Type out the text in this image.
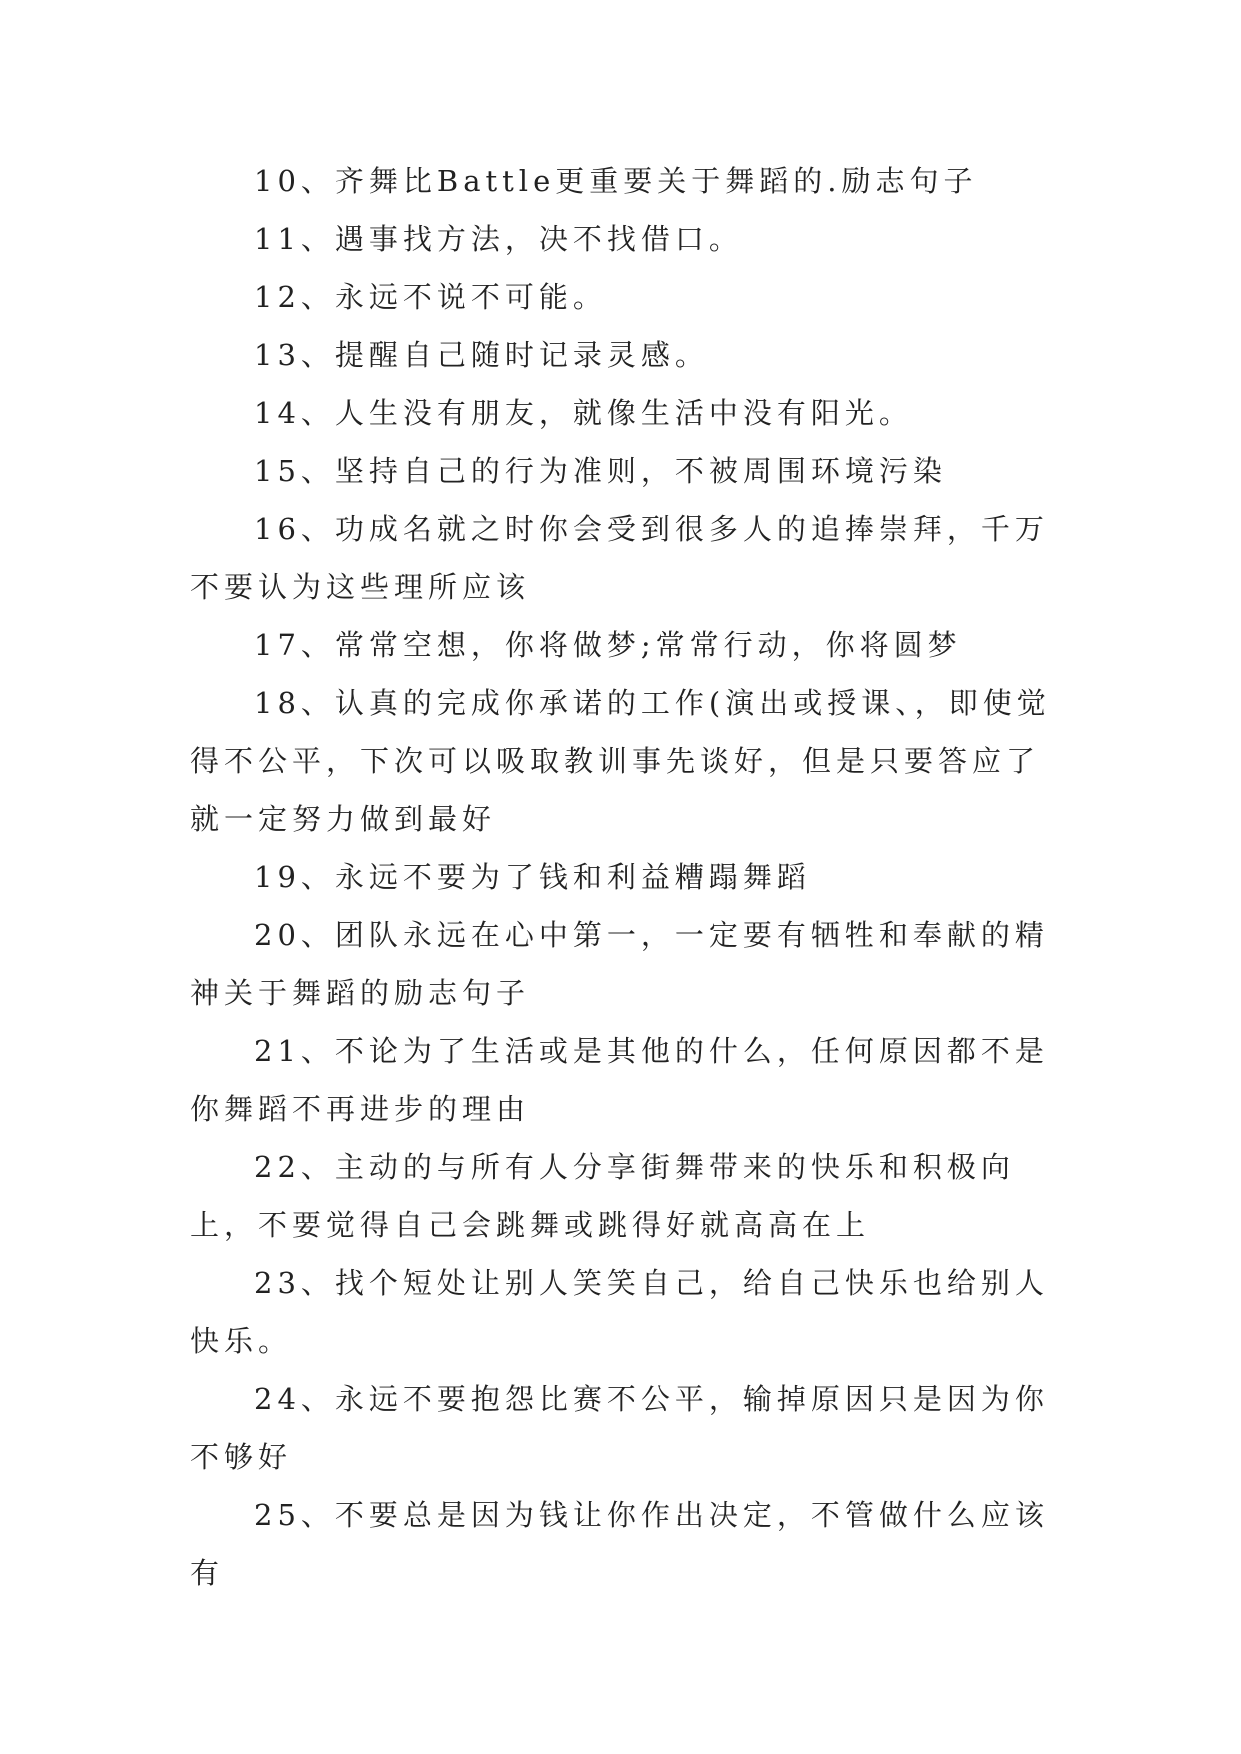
10、齐舞比Battle更重要关于舞蹈的.励志句子

11、遇事找方法，决不找借口。

12、永远不说不可能。

13、提醒自己随时记录灵感。

14、人生没有朋友，就像生活中没有阳光。

15、坚持自己的行为准则，不被周围环境污染

16、功成名就之时你会受到很多人的追捧崇拜，千万不要认为这些理所应该

17、常常空想，你将做梦;常常行动，你将圆梦

18、认真的完成你承诺的工作(演出或授课、，即使觉得不公平，下次可以吸取教训事先谈好，但是只要答应了就一定努力做到最好

19、永远不要为了钱和利益糟蹋舞蹈

20、团队永远在心中第一，一定要有牺牲和奉献的精神关于舞蹈的励志句子

21、不论为了生活或是其他的什么，任何原因都不是你舞蹈不再进步的理由

22、主动的与所有人分享街舞带来的快乐和积极向上，不要觉得自己会跳舞或跳得好就高高在上

23、找个短处让别人笑笑自己，给自己快乐也给别人快乐。

24、永远不要抱怨比赛不公平，输掉原因只是因为你不够好

25、不要总是因为钱让你作出决定，不管做什么应该有
